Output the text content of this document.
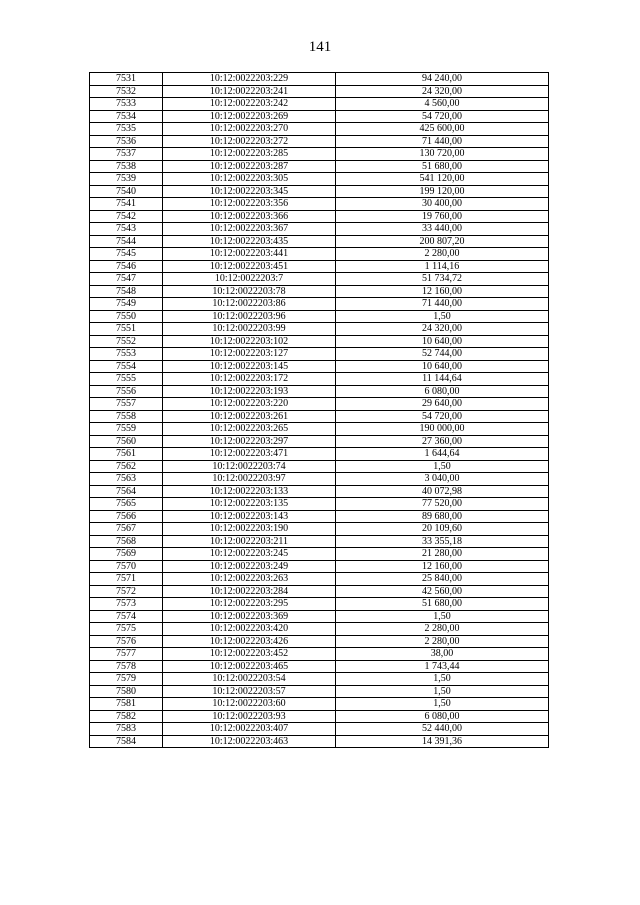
141
7531	10:12:0022203:229	94 240,00
7532	10:12:0022203:241	24 320,00
7533	10:12:0022203:242	4 560,00
7534	10:12:0022203:269	54 720,00
7535	10:12:0022203:270	425 600,00
7536	10:12:0022203:272	71 440,00
7537	10:12:0022203:285	130 720,00
7538	10:12:0022203:287	51 680,00
7539	10:12:0022203:305	541 120,00
7540	10:12:0022203:345	199 120,00
7541	10:12:0022203:356	30 400,00
7542	10:12:0022203:366	19 760,00
7543	10:12:0022203:367	33 440,00
7544	10:12:0022203:435	200 807,20
7545	10:12:0022203:441	2 280,00
7546	10:12:0022203:451	1 114,16
7547	10:12:0022203:7	51 734,72
7548	10:12:0022203:78	12 160,00
7549	10:12:0022203:86	71 440,00
7550	10:12:0022203:96	1,50
7551	10:12:0022203:99	24 320,00
7552	10:12:0022203:102	10 640,00
7553	10:12:0022203:127	52 744,00
7554	10:12:0022203:145	10 640,00
7555	10:12:0022203:172	11 144,64
7556	10:12:0022203:193	6 080,00
7557	10:12:0022203:220	29 640,00
7558	10:12:0022203:261	54 720,00
7559	10:12:0022203:265	190 000,00
7560	10:12:0022203:297	27 360,00
7561	10:12:0022203:471	1 644,64
7562	10:12:0022203:74	1,50
7563	10:12:0022203:97	3 040,00
7564	10:12:0022203:133	40 072,98
7565	10:12:0022203:135	77 520,00
7566	10:12:0022203:143	89 680,00
7567	10:12:0022203:190	20 109,60
7568	10:12:0022203:211	33 355,18
7569	10:12:0022203:245	21 280,00
7570	10:12:0022203:249	12 160,00
7571	10:12:0022203:263	25 840,00
7572	10:12:0022203:284	42 560,00
7573	10:12:0022203:295	51 680,00
7574	10:12:0022203:369	1,50
7575	10:12:0022203:420	2 280,00
7576	10:12:0022203:426	2 280,00
7577	10:12:0022203:452	38,00
7578	10:12:0022203:465	1 743,44
7579	10:12:0022203:54	1,50
7580	10:12:0022203:57	1,50
7581	10:12:0022203:60	1,50
7582	10:12:0022203:93	6 080,00
7583	10:12:0022203:407	52 440,00
7584	10:12:0022203:463	14 391,36
